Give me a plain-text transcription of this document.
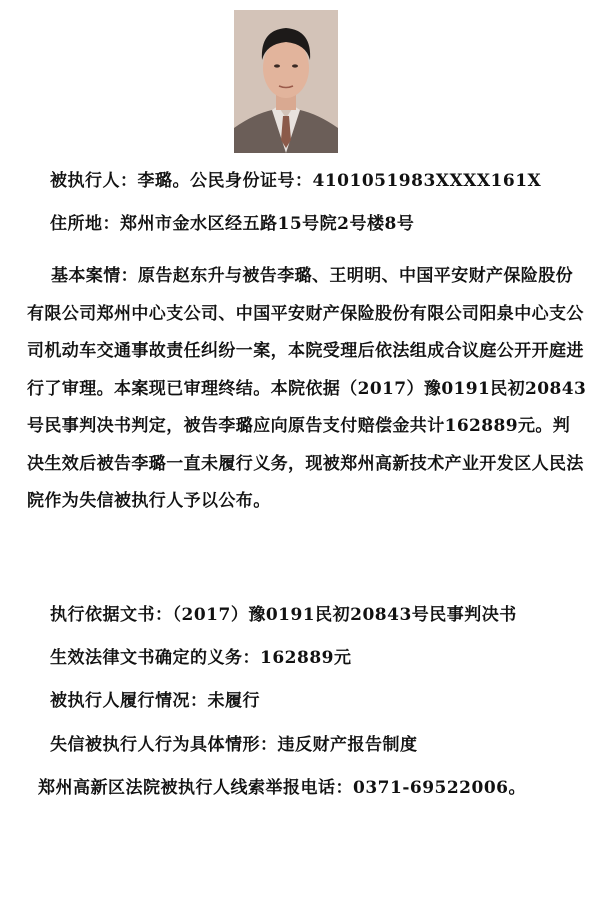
被执行人：李璐。公民身份证号：4101051983XXXX161X
住所地：郑州市金水区经五路15号院2号楼8号
基本案情：原告赵东升与被告李璐、王明明、中国平安财产保险股份有限公司郑州中心支公司、中国平安财产保险股份有限公司阳泉中心支公司机动车交通事故责任纠纷一案，本院受理后依法组成合议庭公开开庭进行了审理。本案现已审理终结。本院依据（2017）豫0191民初20843号民事判决书判定，被告李璐应向原告支付赔偿金共计162889元。判决生效后被告李璐一直未履行义务，现被郑州高新技术产业开发区人民法院作为失信被执行人予以公布。
执行依据文书：（2017）豫0191民初20843号民事判决书
生效法律文书确定的义务：162889元
被执行人履行情况：未履行
失信被执行人行为具体情形：违反财产报告制度
郑州高新区法院被执行人线索举报电话：0371-69522006。
